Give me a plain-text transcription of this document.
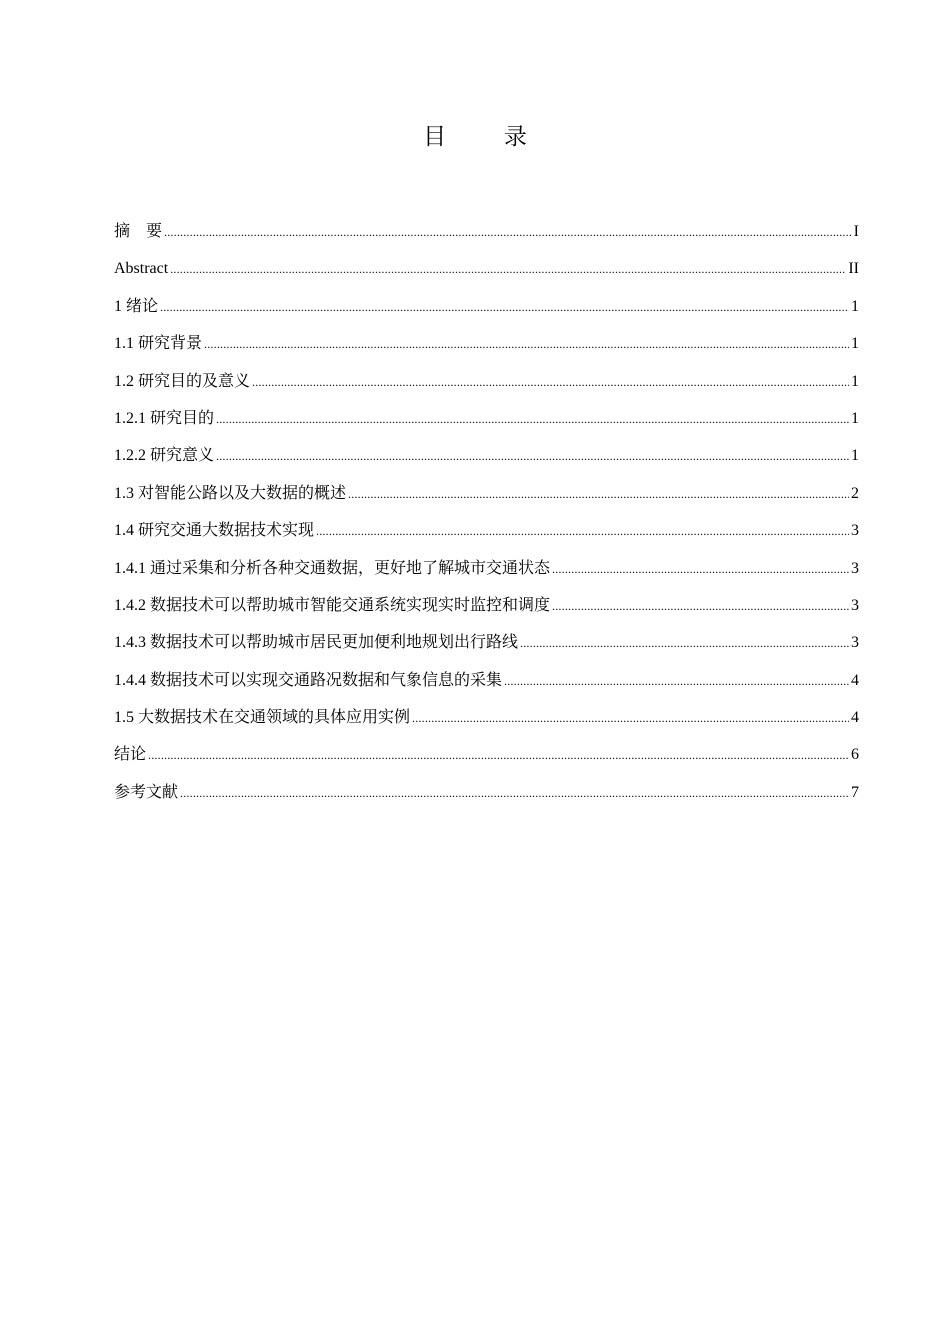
目 录
摘　要 .....	I
Abstract .....	II
1 绪论 .....	1
1.1 研究背景 .....	1
1.2 研究目的及意义 .....	1
1.2.1 研究目的 .....	1
1.2.2 研究意义 .....	1
1.3 对智能公路以及大数据的概述 .....	2
1.4 研究交通大数据技术实现 .....	3
1.4.1 通过采集和分析各种交通数据，更好地了解城市交通状态 .....	3
1.4.2 数据技术可以帮助城市智能交通系统实现实时监控和调度 .....	3
1.4.3 数据技术可以帮助城市居民更加便利地规划出行路线 .....	3
1.4.4 数据技术可以实现交通路况数据和气象信息的采集 .....	4
1.5 大数据技术在交通领域的具体应用实例 .....	4
结论 .....	6
参考文献 .....	7
